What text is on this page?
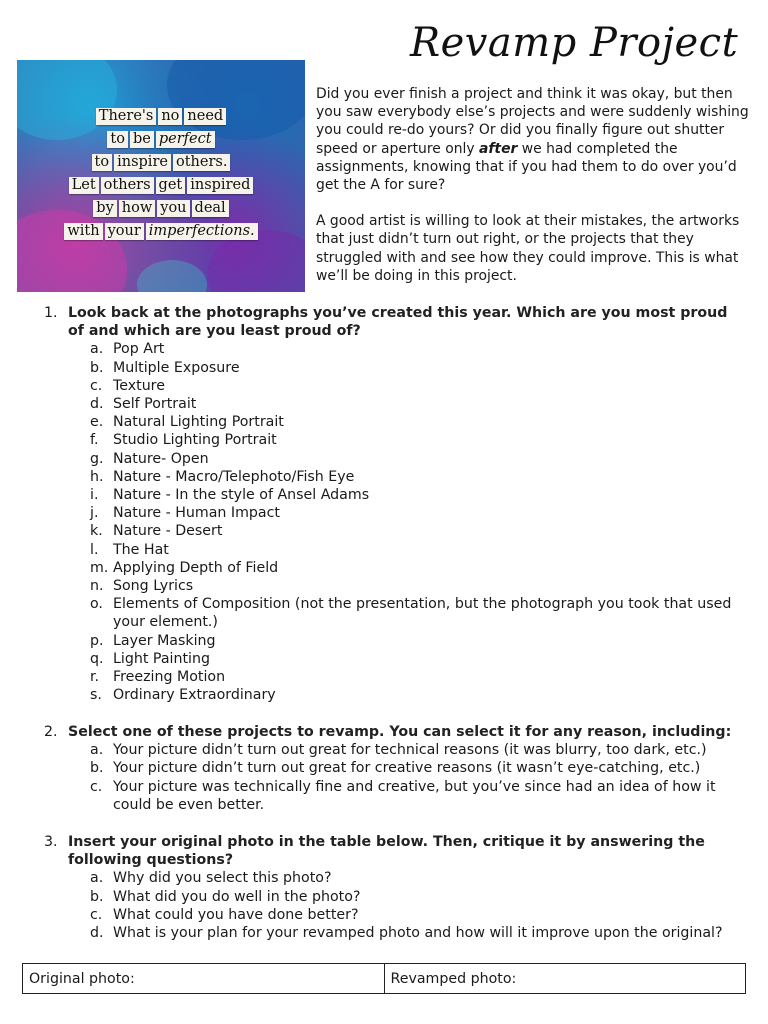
Revamp Project
There's no need
to be perfect
to inspire others.
Let others get inspired
by how you deal
with your imperfections.

Did you ever finish a project and think it was okay, but then you saw everybody else’s projects and were suddenly wishing you could re-do yours? Or did you finally figure out shutter speed or aperture only after we had completed the assignments, knowing that if you had them to do over you’d get the A for sure?

A good artist is willing to look at their mistakes, the artworks that just didn’t turn out right, or the projects that they struggled with and see how they could improve. This is what we’ll be doing in this project.

1. Look back at the photographs you’ve created this year. Which are you most proud of and which are you least proud of?
a. Pop Art
b. Multiple Exposure
c. Texture
d. Self Portrait
e. Natural Lighting Portrait
f. Studio Lighting Portrait
g. Nature- Open
h. Nature - Macro/Telephoto/Fish Eye
i. Nature - In the style of Ansel Adams
j. Nature - Human Impact
k. Nature - Desert
l. The Hat
m. Applying Depth of Field
n. Song Lyrics
o. Elements of Composition (not the presentation, but the photograph you took that used your element.)
p. Layer Masking
q. Light Painting
r. Freezing Motion
s. Ordinary Extraordinary
2. Select one of these projects to revamp. You can select it for any reason, including:
a. Your picture didn’t turn out great for technical reasons (it was blurry, too dark, etc.)
b. Your picture didn’t turn out great for creative reasons (it wasn’t eye-catching, etc.)
c. Your picture was technically fine and creative, but you’ve since had an idea of how it could be even better.
3. Insert your original photo in the table below. Then, critique it by answering the following questions?
a. Why did you select this photo?
b. What did you do well in the photo?
c. What could you have done better?
d. What is your plan for your revamped photo and how will it improve upon the original?
Original photo:	Revamped photo:
